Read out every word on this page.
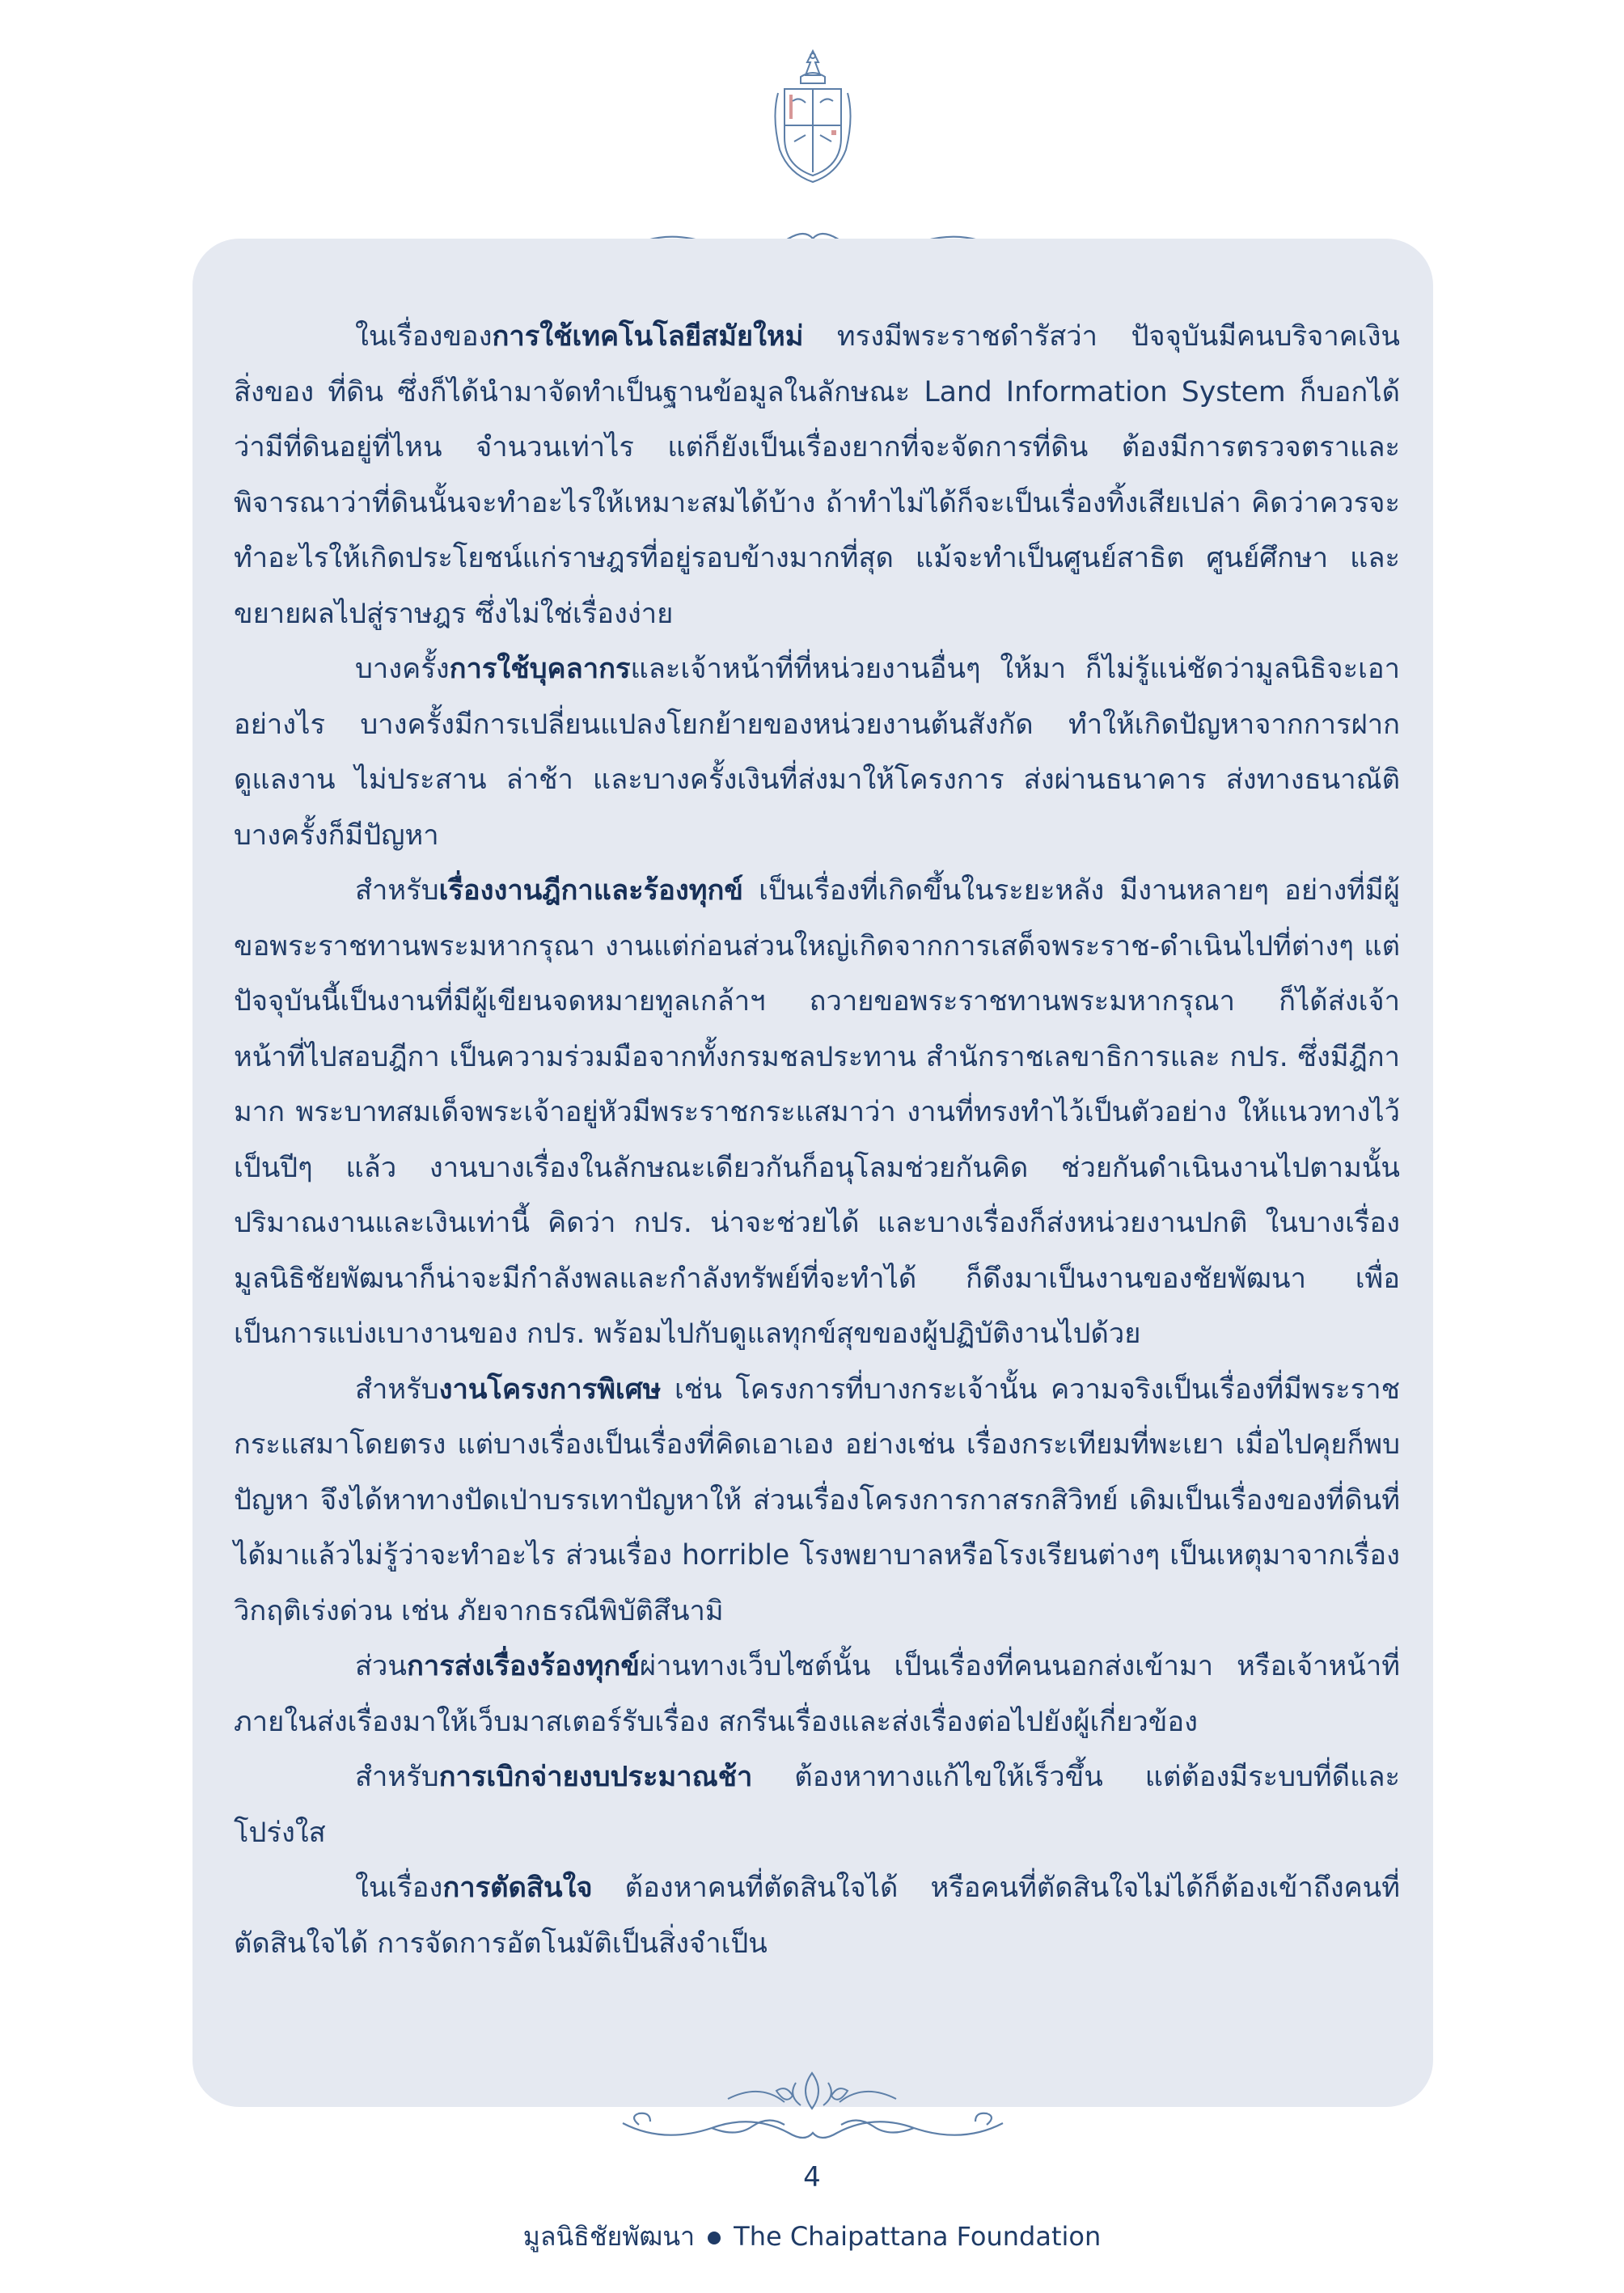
ในเรื่องของการใช้เทคโนโลยีสมัยใหม่ ทรงมีพระราชดำรัสว่า ปัจจุบันมีคนบริจาคเงิน สิ่งของ ที่ดิน ซึ่งก็ได้นำมาจัดทำเป็นฐานข้อมูลในลักษณะ Land Information System ก็บอกได้ว่ามีที่ดินอยู่ที่ไหน จำนวนเท่าไร แต่ก็ยังเป็นเรื่องยากที่จะจัดการที่ดิน ต้องมีการตรวจตราและพิจารณาว่าที่ดินนั้นจะทำอะไรให้เหมาะสมได้บ้าง ถ้าทำไม่ได้ก็จะเป็นเรื่องทิ้งเสียเปล่า คิดว่าควรจะทำอะไรให้เกิดประโยชน์แก่ราษฎรที่อยู่รอบข้างมากที่สุด แม้จะทำเป็นศูนย์สาธิต ศูนย์ศึกษา และขยายผลไปสู่ราษฎร ซึ่งไม่ใช่เรื่องง่าย

บางครั้งการใช้บุคลากรและเจ้าหน้าที่ที่หน่วยงานอื่นๆ ให้มา ก็ไม่รู้แน่ชัดว่ามูลนิธิจะเอาอย่างไร บางครั้งมีการเปลี่ยนแปลงโยกย้ายของหน่วยงานต้นสังกัด ทำให้เกิดปัญหาจากการฝากดูแลงาน ไม่ประสาน ล่าช้า และบางครั้งเงินที่ส่งมาให้โครงการ ส่งผ่านธนาคาร ส่งทางธนาณัติ บางครั้งก็มีปัญหา

สำหรับเรื่องงานฎีกาและร้องทุกข์ เป็นเรื่องที่เกิดขึ้นในระยะหลัง มีงานหลายๆ อย่างที่มีผู้ขอพระราชทานพระมหากรุณา งานแต่ก่อนส่วนใหญ่เกิดจากการเสด็จพระราช-ดำเนินไปที่ต่างๆ แต่ปัจจุบันนี้เป็นงานที่มีผู้เขียนจดหมายทูลเกล้าฯ ถวายขอพระราชทานพระมหากรุณา ก็ได้ส่งเจ้าหน้าที่ไปสอบฎีกา เป็นความร่วมมือจากทั้งกรมชลประทาน สำนักราชเลขาธิการและ กปร. ซึ่งมีฎีกามาก พระบาทสมเด็จพระเจ้าอยู่หัวมีพระราชกระแสมาว่า งานที่ทรงทำไว้เป็นตัวอย่าง ให้แนวทางไว้เป็นปีๆ แล้ว งานบางเรื่องในลักษณะเดียวกันก็อนุโลมช่วยกันคิด ช่วยกันดำเนินงานไปตามนั้น ปริมาณงานและเงินเท่านี้ คิดว่า กปร. น่าจะช่วยได้ และบางเรื่องก็ส่งหน่วยงานปกติ ในบางเรื่องมูลนิธิชัยพัฒนาก็น่าจะมีกำลังพลและกำลังทรัพย์ที่จะทำได้ ก็ดึงมาเป็นงานของชัยพัฒนา เพื่อเป็นการแบ่งเบางานของ กปร. พร้อมไปกับดูแลทุกข์สุขของผู้ปฏิบัติงานไปด้วย

สำหรับงานโครงการพิเศษ เช่น โครงการที่บางกระเจ้านั้น ความจริงเป็นเรื่องที่มีพระราชกระแสมาโดยตรง แต่บางเรื่องเป็นเรื่องที่คิดเอาเอง อย่างเช่น เรื่องกระเทียมที่พะเยา เมื่อไปคุยก็พบปัญหา จึงได้หาทางปัดเป่าบรรเทาปัญหาให้ ส่วนเรื่องโครงการกาสรกสิวิทย์ เดิมเป็นเรื่องของที่ดินที่ได้มาแล้วไม่รู้ว่าจะทำอะไร ส่วนเรื่อง horrible โรงพยาบาลหรือโรงเรียนต่างๆ เป็นเหตุมาจากเรื่องวิกฤติเร่งด่วน เช่น ภัยจากธรณีพิบัติสึนามิ

ส่วนการส่งเรื่องร้องทุกข์ผ่านทางเว็บไซต์นั้น เป็นเรื่องที่คนนอกส่งเข้ามา หรือเจ้าหน้าที่ภายในส่งเรื่องมาให้เว็บมาสเตอร์รับเรื่อง สกรีนเรื่องและส่งเรื่องต่อไปยังผู้เกี่ยวข้อง

สำหรับการเบิกจ่ายงบประมาณช้า ต้องหาทางแก้ไขให้เร็วขึ้น แต่ต้องมีระบบที่ดีและโปร่งใส

ในเรื่องการตัดสินใจ ต้องหาคนที่ตัดสินใจได้ หรือคนที่ตัดสินใจไม่ได้ก็ต้องเข้าถึงคนที่ตัดสินใจได้ การจัดการอัตโนมัติเป็นสิ่งจำเป็น

4
มูลนิธิชัยพัฒนา The Chaipattana Foundation
